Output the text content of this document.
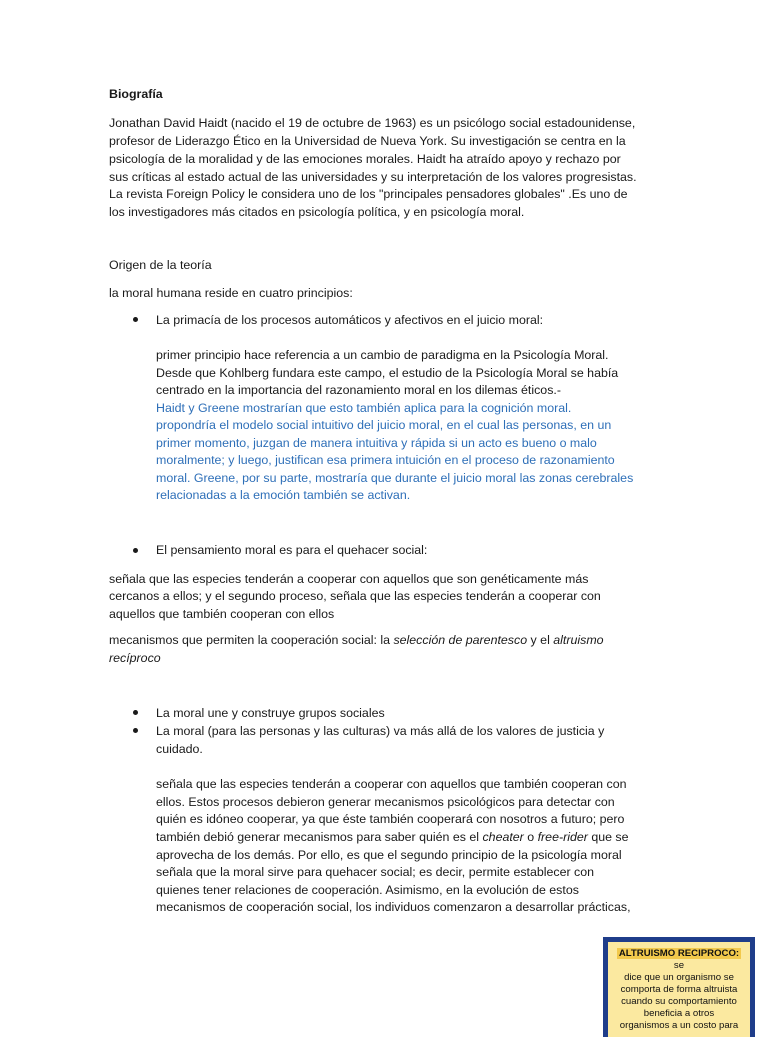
Biografía

Jonathan David Haidt (nacido el 19 de octubre de 1963) es un psicólogo social estadounidense,

profesor de Liderazgo Ético en la Universidad de Nueva York. Su investigación se centra en la

psicología de la moralidad y de las emociones morales. Haidt ha atraído apoyo y rechazo por

sus críticas al estado actual de las universidades y su interpretación de los valores progresistas.

La revista Foreign Policy le considera uno de los "principales pensadores globales" .Es uno de

los investigadores más citados en psicología política, y en psicología moral.

Origen de la teoría

la moral humana reside en cuatro principios:

La primacía de los procesos automáticos y afectivos en el juicio moral:

primer principio hace referencia a un cambio de paradigma en la Psicología Moral.

Desde que Kohlberg fundara este campo, el estudio de la Psicología Moral se había

centrado en la importancia del razonamiento moral en los dilemas éticos.-

Haidt y Greene mostrarían que esto también aplica para la cognición moral.

propondría el modelo social intuitivo del juicio moral, en el cual las personas, en un

primer momento, juzgan de manera intuitiva y rápida si un acto es bueno o malo

moralmente; y luego, justifican esa primera intuición en el proceso de razonamiento

moral. Greene, por su parte, mostraría que durante el juicio moral las zonas cerebrales

relacionadas a la emoción también se activan.

El pensamiento moral es para el quehacer social:

señala que las especies tenderán a cooperar con aquellos que son genéticamente más

cercanos a ellos; y el segundo proceso, señala que las especies tenderán a cooperar con

aquellos que también cooperan con ellos

mecanismos que permiten la cooperación social: la selección de parentesco y el altruismo

recíproco

La moral une y construye grupos sociales

La moral (para las personas y las culturas) va más allá de los valores de justicia y

cuidado.

señala que las especies tenderán a cooperar con aquellos que también cooperan con

ellos. Estos procesos debieron generar mecanismos psicológicos para detectar con

quién es idóneo cooperar, ya que éste también cooperará con nosotros a futuro; pero

también debió generar mecanismos para saber quién es el cheater o free-rider que se

aprovecha de los demás. Por ello, es que el segundo principio de la psicología moral

señala que la moral sirve para quehacer social; es decir, permite establecer con

quienes tener relaciones de cooperación. Asimismo, en la evolución de estos

mecanismos de cooperación social, los individuos comenzaron a desarrollar prácticas,

ALTRUISMO RECIPROCO: se
dice que un organismo se
comporta de forma altruista
cuando su comportamiento
beneficia a otros
organismos a un costo para
